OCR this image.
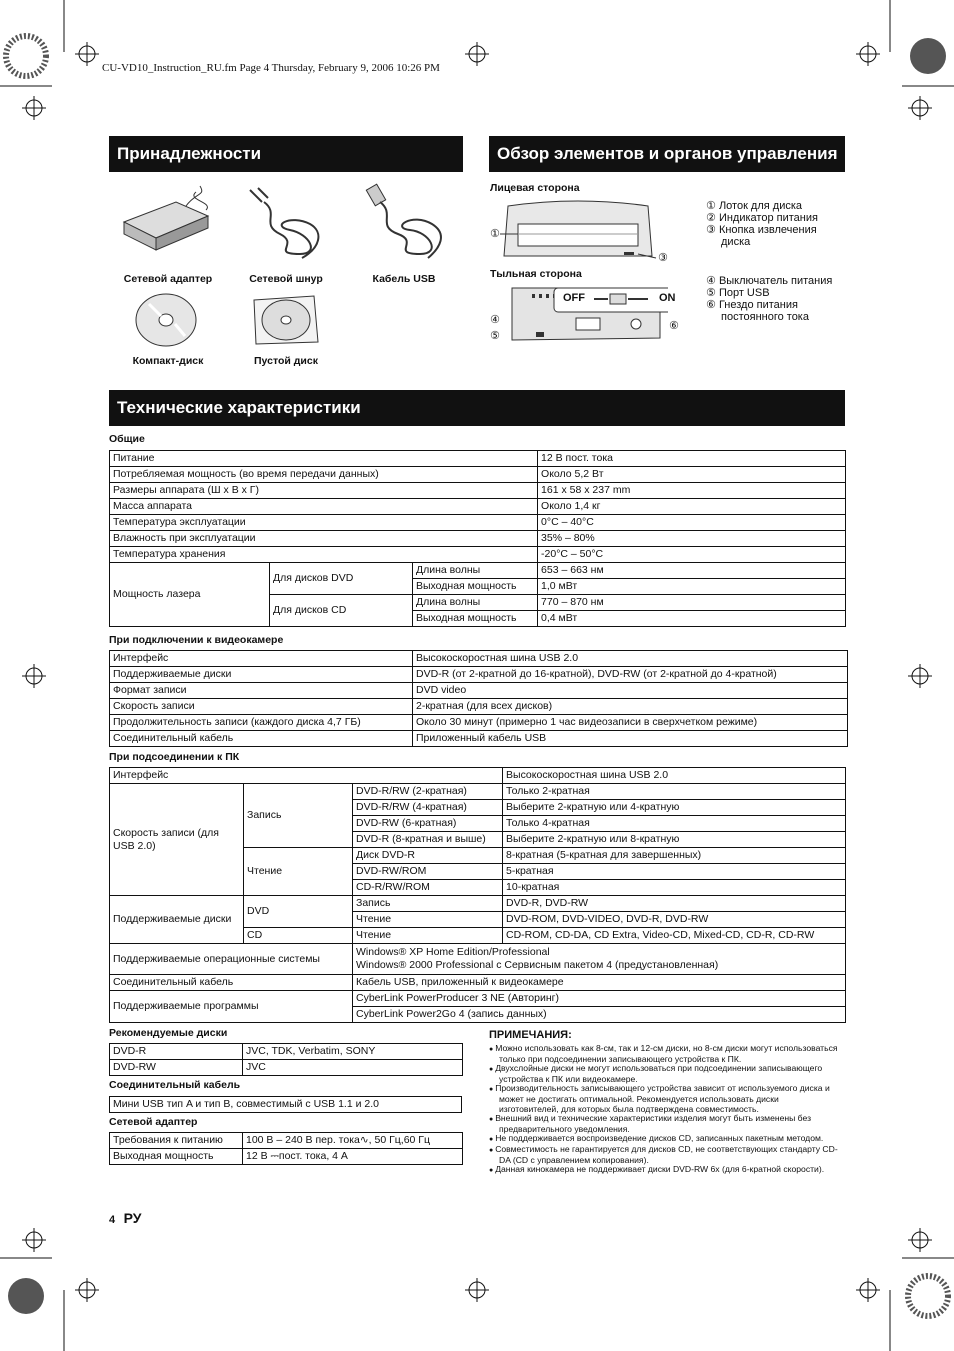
CU-VD10_Instruction_RU.fm Page 4 Thursday, February 9, 2006 10:26 PM
Принадлежности
Сетевой адаптер	Сетевой шнур	Кабель USB
Компакт-диск	Пустой диск
Обзор элементов и органов управления
Лицевая сторона
Тыльная сторона
①
③
OFF	ON
④
⑤
⑥
① Лоток для диска
② Индикатор питания
③ Кнопка извлечения диска
④ Выключатель питания
⑤ Порт USB
⑥ Гнездо питания постоянного тока
Технические характеристики
Общие
Питание			12 В пост. тока
Потребляемая мощность (во время передачи данных)			Около 5,2 Вт
Размеры аппарата (Ш x В x Г)			161 x 58 x 237 mm
Масса аппарата			Около 1,4 кг
Температура эксплуатации			0°C – 40°C
Влажность при эксплуатации			35% – 80%
Температура хранения			-20°C – 50°C
Мощность лазера	Для дисков DVD	Длина волны	653 – 663 нм
		Выходная мощность	1,0 мВт
	Для дисков CD	Длина волны	770 – 870 нм
		Выходная мощность	0,4 мВт
При подключении к видеокамере
Интерфейс	Высокоскоростная шина USB 2.0
Поддерживаемые диски	DVD-R (от 2-кратной до 16-кратной), DVD-RW (от 2-кратной до 4-кратной)
Формат записи	DVD video
Скорость записи	2-кратная (для всех дисков)
Продолжительность записи (каждого диска 4,7 ГБ)	Около 30 минут (примерно 1 час видеозаписи в сверхчетком режиме)
Соединительный кабель	Приложенный кабель USB
При подсоединении к ПК
Интерфейс			Высокоскоростная шина USB 2.0
Скорость записи (для USB 2.0)	Запись	DVD-R/RW (2-кратная)	Только 2-кратная
		DVD-R/RW (4-кратная)	Выберите 2-кратную или 4-кратную
		DVD-RW (6-кратная)	Только 4-кратная
		DVD-R (8-кратная и выше)	Выберите 2-кратную или 8-кратную
	Чтение	Диск DVD-R	8-кратная (5-кратная для завершенных)
		DVD-RW/ROM	5-кратная
		CD-R/RW/ROM	10-кратная
Поддерживаемые диски	DVD	Запись	DVD-R, DVD-RW
		Чтение	DVD-ROM, DVD-VIDEO, DVD-R, DVD-RW
	CD	Чтение	CD-ROM, CD-DA, CD Extra, Video-CD, Mixed-CD, CD-R, CD-RW
Поддерживаемые операционные системы		Windows® XP Home Edition/Professional
Windows® 2000 Professional с Сервисным пакетом 4 (предустановленная)	

Соединительный кабель		Кабель USB, приложенный к видеокамере	
Поддерживаемые программы		CyberLink PowerProducer 3 NE (Авторинг)	
		CyberLink Power2Go 4 (запись данных)	
Рекомендуемые диски
DVD-R	JVC, TDK, Verbatim, SONY
DVD-RW	JVC
Соединительный кабель
Мини USB тип A и тип B, совместимый с USB 1.1 и 2.0
Сетевой адаптер
Требования к питанию	100 В – 240 В пер. тока∿, 50 Гц,60 Гц
Выходная мощность	12 В ⎓пост. тока, 4 A
ПРИМЕЧАНИЯ:
● Можно использовать как 8-см, так и 12-см диски, но 8-см диски могут использоваться только при подсоединении записывающего устройства к ПК.
● Двухслойные диски не могут использоваться при подсоединении записывающего устройства к ПК или видеокамере.
● Производительность записывающего устройства зависит от используемого диска и может не достигать оптимальной. Рекомендуется использовать диски изготовителей, для которых была подтверждена совместимость.
● Внешний вид и технические характеристики изделия могут быть изменены без предварительного уведомления.
● Не поддерживается воспроизведение дисков CD, записанных пакетным методом.
● Совместимость не гарантируется для дисков CD, не соответствующих стандарту CD-DA (CD с управлением копирования).
● Данная кинокамера не поддерживает диски DVD-RW 6x (для 6-кратной скорости).
4 РУ
